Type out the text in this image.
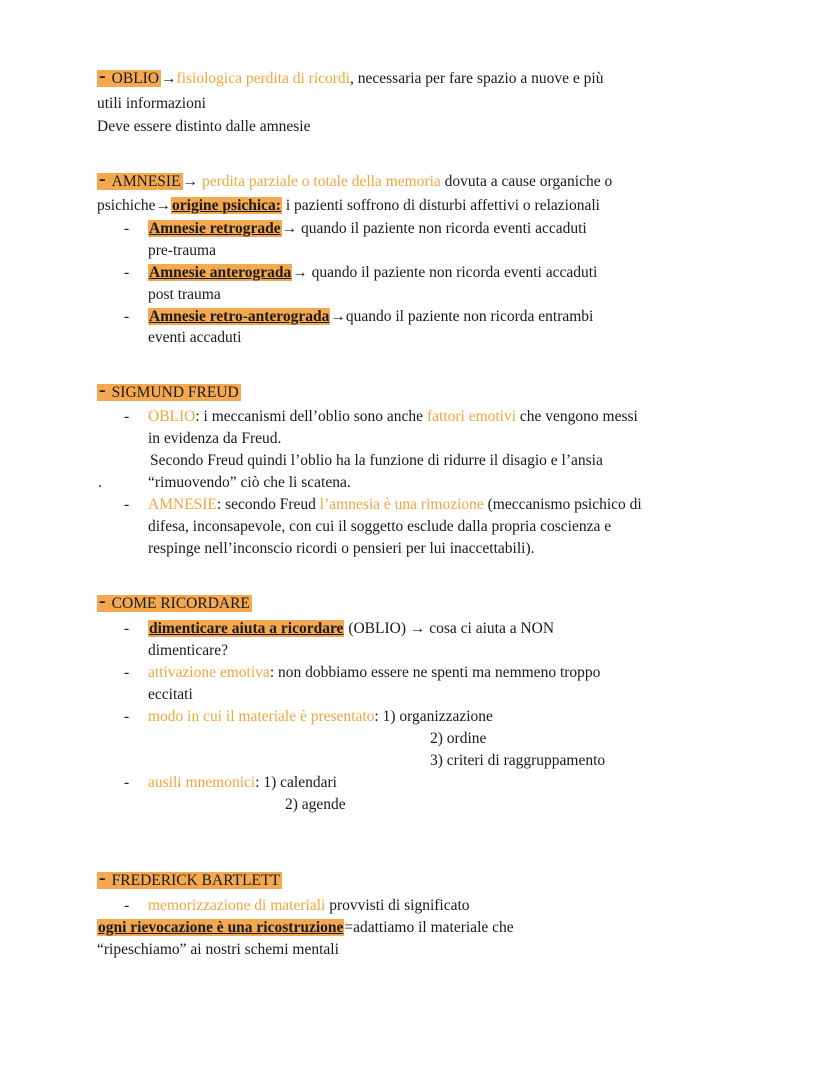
- OBLIO →fisiologica perdita di ricordi, necessaria per fare spazio a nuove e più
utili informazioni
Deve essere distinto dalle amnesie
- AMNESIE → perdita parziale o totale della memoria dovuta a cause organiche o
psichiche→origine psichica: i pazienti soffrono di disturbi affettivi o relazionali
- Amnesie retrograde→ quando il paziente non ricorda eventi accaduti
pre-trauma
- Amnesie anterograda→ quando il paziente non ricorda eventi accaduti
post trauma
- Amnesie retro-anterograda→quando il paziente non ricorda entrambi
eventi accaduti
- SIGMUND FREUD
- OBLIO: i meccanismi dell’oblio sono anche fattori emotivi che vengono messi
in evidenza da Freud.
Secondo Freud quindi l’oblio ha la funzione di ridurre il disagio e l’ansia
.	“rimuovendo” ciò che li scatena.
- AMNESIE: secondo Freud l’amnesia è una rimozione (meccanismo psichico di
difesa, inconsapevole, con cui il soggetto esclude dalla propria coscienza e
respinge nell’inconscio ricordi o pensieri per lui inaccettabili).
- COME RICORDARE
- dimenticare aiuta a ricordare (OBLIO) → cosa ci aiuta a NON
dimenticare?
- attivazione emotiva: non dobbiamo essere ne spenti ma nemmeno troppo
eccitati
- modo in cui il materiale è presentato: 1) organizzazione
2) ordine
3) criteri di raggruppamento
- ausili mnemonici: 1) calendari
2) agende
- FREDERICK BARTLETT
- memorizzazione di materiali provvisti di significato
ogni rievocazione è una ricostruzione=adattiamo il materiale che
“ripeschiamo” ai nostri schemi mentali
